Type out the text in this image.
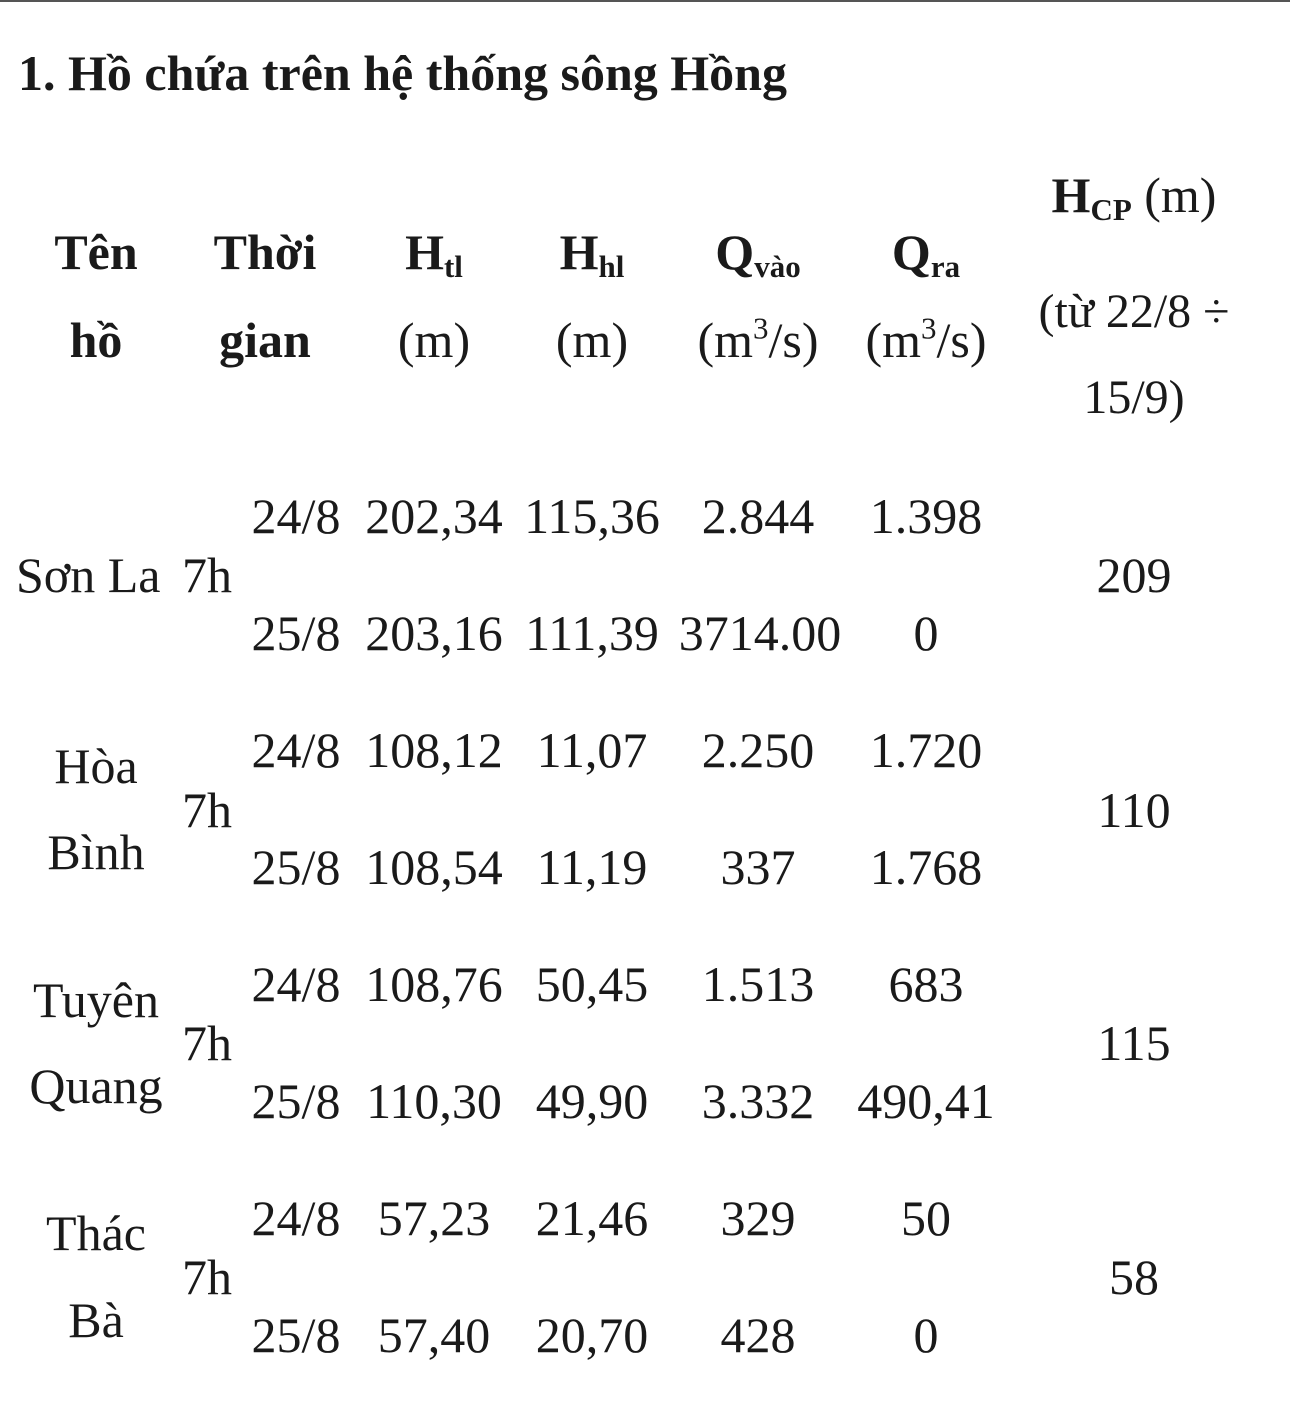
1. Hồ chứa trên hệ thống sông Hồng
Tên
hồ
Thời
gian
$H_{tl}$
(m)
$H_{hl}$
(m)
$Q_{vào}$
$(m^3/s)$
$Q_{ra}$
$(m^3/s)$
$H_{CP}$ (m)
(từ 22/8 ÷
15/9)
Sơn La 7h
24/8 202,34 115,36 2.844 1.398
25/8 203,16 111,39 3714.00 0
209
Hòa
Bình
7h
24/8 108,12 11,07 2.250 1.720
25/8 108,54 11,19 337 1.768
110
Tuyên
Quang
7h
24/8 108,76 50,45 1.513 683
25/8 110,30 49,90 3.332 490,41
115
Thác
Bà
7h
24/8 57,23 21,46 329 50
25/8 57,40 20,70 428 0
58
